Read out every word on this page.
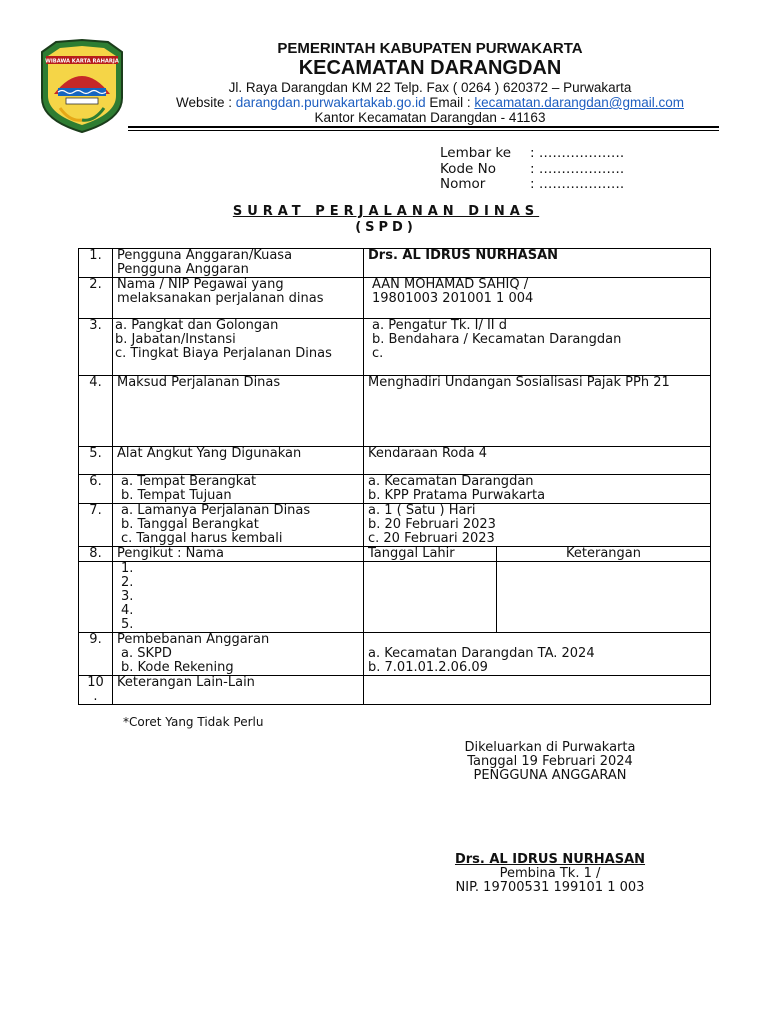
WIBAWA KARTA RAHARJA
PEMERINTAH KABUPATEN PURWAKARTA
KECAMATAN DARANGDAN
Jl. Raya Darangdan KM 22 Telp. Fax ( 0264 ) 620372 – Purwakarta
Website : darangdan.purwakartakab.go.id Email : kecamatan.darangdan@gmail.com
Kantor Kecamatan Darangdan - 41163
Lembar ke : ……………….
Kode No	: ……………….
Nomor	: ……………….
SURAT PERJALANAN DINAS
(SPD)
1.	Pengguna Anggaran/Kuasa
Pengguna Anggaran	Drs. AL IDRUS NURHASAN	
2.	Nama / NIP Pegawai yang
melaksanakan perjalanan dinas	AAN MOHAMAD SAHIQ /
19801003 201001 1 004	

3.	a. Pangkat dan Golongan
b. Jabatan/Instansi
c. Tingkat Biaya Perjalanan Dinas	a. Pengatur Tk. I/ II d
b. Bendahara / Kecamatan Darangdan
c.	

4.	Maksud Perjalanan Dinas	Menghadiri Undangan Sosialisasi Pajak PPh 21	
5.	Alat Angkut Yang Digunakan	Kendaraan Roda 4	
6.	a. Tempat Berangkat
b. Tempat Tujuan	a. Kecamatan Darangdan
b. KPP Pratama Purwakarta	

7.	a. Lamanya Perjalanan Dinas
b. Tanggal Berangkat
c. Tanggal harus kembali	a. 1 ( Satu ) Hari
b. 20 Februari 2023
c. 20 Februari 2023	

8.	Pengikut : Nama	Tanggal Lahir	Keterangan

	1.
2.
3.
4.
5.		

9.	Pembebanan Anggaran
a. SKPD
b. Kode Rekening	a. Kecamatan Darangdan TA. 2024
b. 7.01.01.2.06.09	

10
.	Keterangan Lain-Lain		
*Coret Yang Tidak Perlu
Dikeluarkan di Purwakarta
Tanggal 19 Februari 2024
PENGGUNA ANGGARAN
Drs. AL IDRUS NURHASAN
Pembina Tk. 1 /
NIP. 19700531 199101 1 003
